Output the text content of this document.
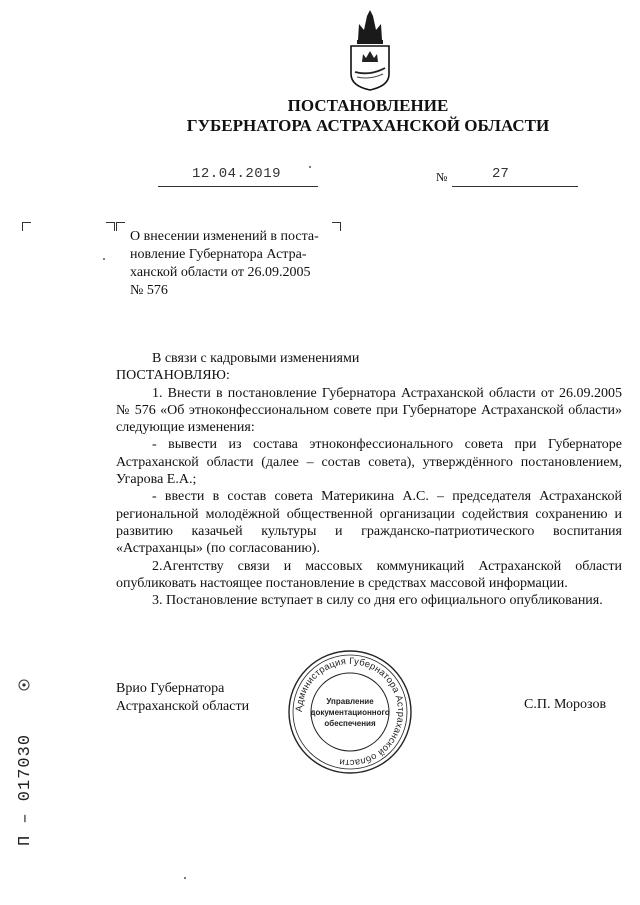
ПОСТАНОВЛЕНИЕ
ГУБЕРНАТОРА АСТРАХАНСКОЙ ОБЛАСТИ
12.04.2019	№	27
О внесении изменений в поста-
новление Губернатора Астра-
ханской области от 26.09.2005
№ 576

В связи с кадровыми изменениями

ПОСТАНОВЛЯЮ:

1. Внести в постановление Губернатора Астраханской области от 26.09.2005 № 576 «Об этноконфессиональном совете при Губернаторе Астраханской области» следующие изменения:

- вывести из состава этноконфессионального совета при Губернаторе Астраханской области (далее – состав совета), утверждённого постановлением, Угарова Е.А.;

- ввести в состав совета Материкина А.С. – председателя Астраханской региональной молодёжной общественной организации содействия сохранению и развитию казачьей культуры и гражданско-патриотического воспитания «Астраханцы» (по согласованию).

2.Агентству связи и массовых коммуникаций Астраханской области опубликовать настоящее постановление в средствах массовой информации.

3. Постановление вступает в силу со дня его официального опубликования.

Врио Губернатора
Астраханской области	С.П. Морозов
Администрация Губернатора Астраханской области
Управление
документационного
обеспечения
П – 017030
